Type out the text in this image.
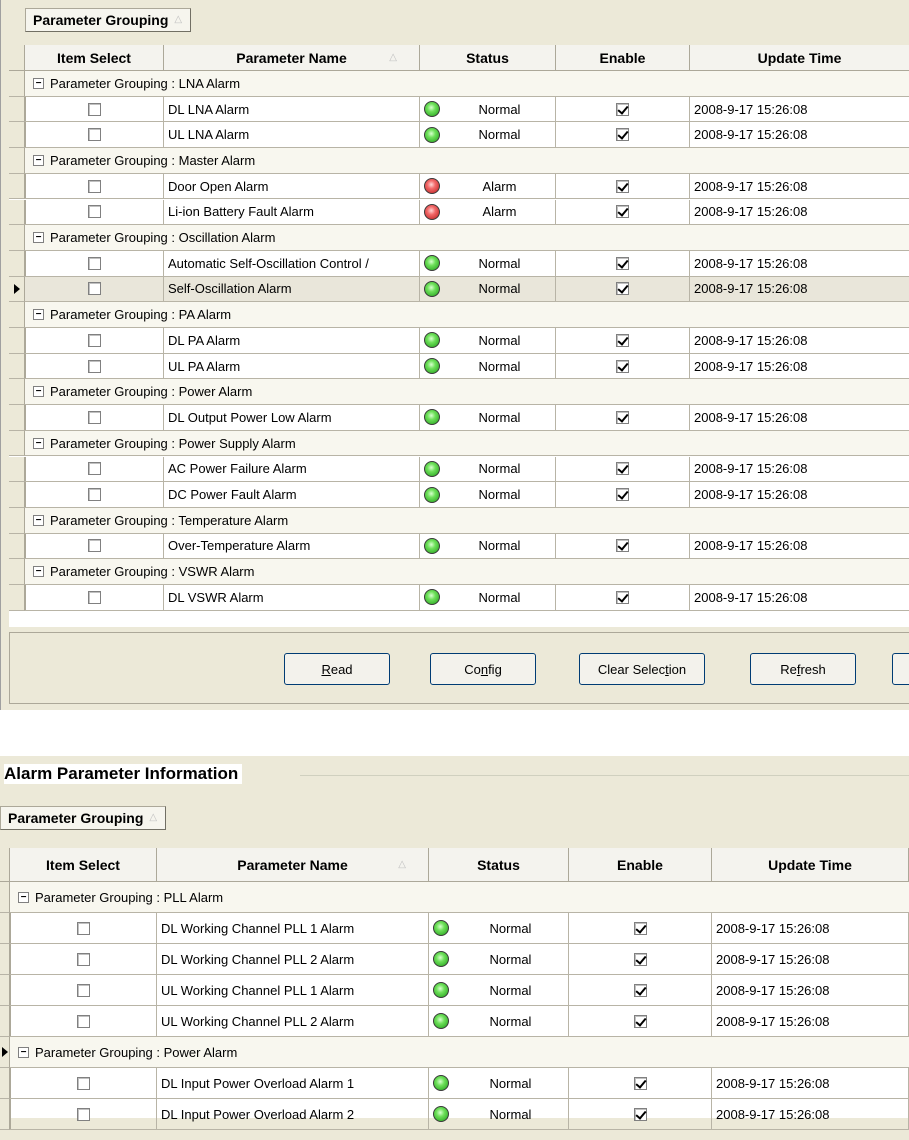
Parameter Grouping △
Item Select	Parameter Name	△	Status	Enable	Update Time
− Parameter Grouping : LNA Alarm
DL LNA Alarm	Normal	2008-9-17 15:26:08
UL LNA Alarm	Normal	2008-9-17 15:26:08
− Parameter Grouping : Master Alarm
Door Open Alarm	Alarm	2008-9-17 15:26:08
Li-ion Battery Fault Alarm	Alarm	2008-9-17 15:26:08
− Parameter Grouping : Oscillation Alarm
Automatic Self-Oscillation Control /	Normal	2008-9-17 15:26:08
Self-Oscillation Alarm	Normal	2008-9-17 15:26:08
− Parameter Grouping : PA Alarm
DL PA Alarm	Normal	2008-9-17 15:26:08
UL PA Alarm	Normal	2008-9-17 15:26:08
− Parameter Grouping : Power Alarm
DL Output Power Low Alarm	Normal	2008-9-17 15:26:08
− Parameter Grouping : Power Supply Alarm
AC Power Failure Alarm	Normal	2008-9-17 15:26:08
DC Power Fault Alarm	Normal	2008-9-17 15:26:08
− Parameter Grouping : Temperature Alarm
Over-Temperature Alarm	Normal	2008-9-17 15:26:08
− Parameter Grouping : VSWR Alarm
DL VSWR Alarm	Normal	2008-9-17 15:26:08
R ead	Co n fig	Clear Selec t ion	Re f resh
Alarm Parameter Information
Parameter Grouping △
Item Select	Parameter Name	△	Status	Enable	Update Time
− Parameter Grouping : PLL Alarm
DL Working Channel PLL 1 Alarm	Normal	2008-9-17 15:26:08
DL Working Channel PLL 2 Alarm	Normal	2008-9-17 15:26:08
UL Working Channel PLL 1 Alarm	Normal	2008-9-17 15:26:08
UL Working Channel PLL 2 Alarm	Normal	2008-9-17 15:26:08
− Parameter Grouping : Power Alarm
DL Input Power Overload Alarm 1	Normal	2008-9-17 15:26:08
DL Input Power Overload Alarm 2	Normal	2008-9-17 15:26:08
